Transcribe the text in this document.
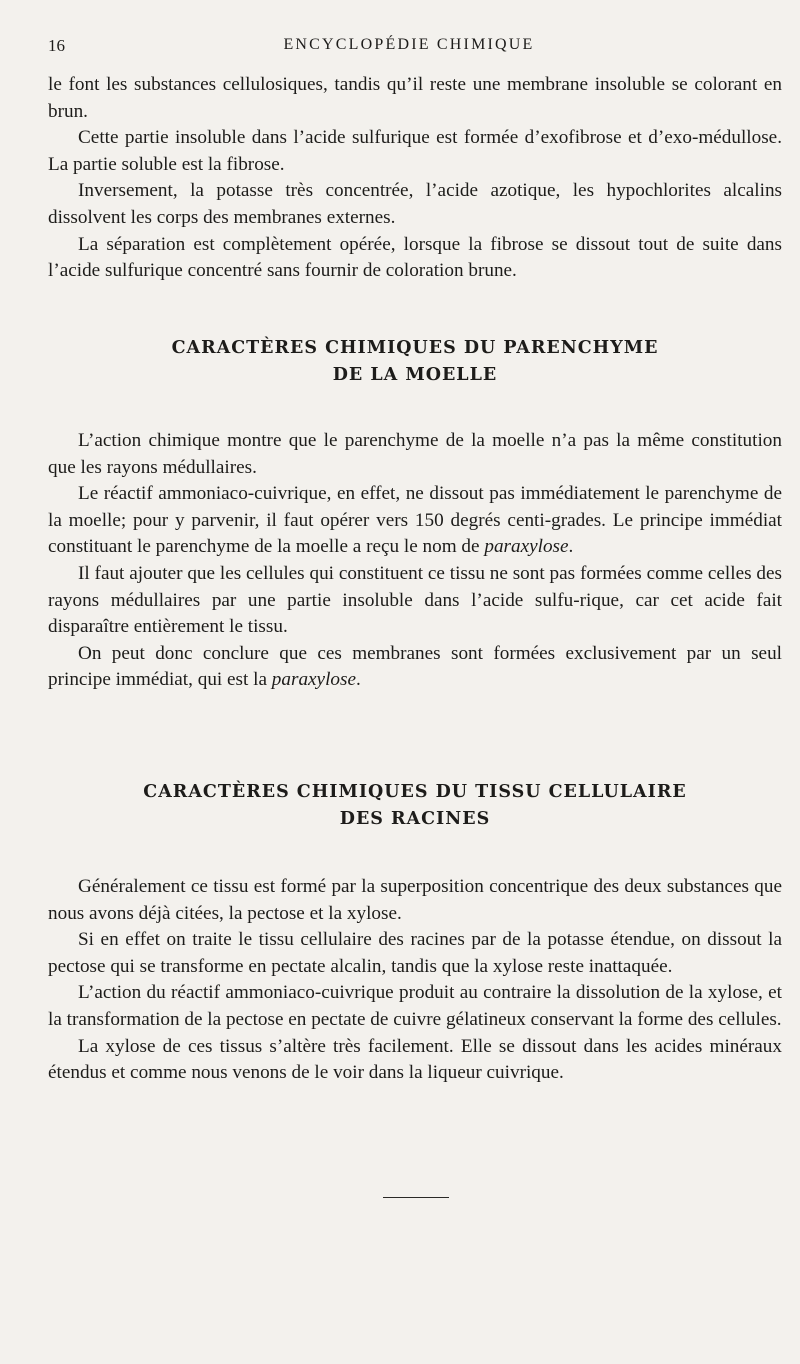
16	ENCYCLOPÉDIE CHIMIQUE

le font les substances cellulosiques, tandis qu’il reste une membrane insoluble se colorant en brun.

Cette partie insoluble dans l’acide sulfurique est formée d’exofibrose et d’exo-médullose. La partie soluble est la fibrose.

Inversement, la potasse très concentrée, l’acide azotique, les hypochlorites alcalins dissolvent les corps des membranes externes.

La séparation est complètement opérée, lorsque la fibrose se dissout tout de suite dans l’acide sulfurique concentré sans fournir de coloration brune.

CARACTÈRES CHIMIQUES DU PARENCHYME
DE LA MOELLE

L’action chimique montre que le parenchyme de la moelle n’a pas la même constitution que les rayons médullaires.

Le réactif ammoniaco-cuivrique, en effet, ne dissout pas immédiatement le parenchyme de la moelle; pour y parvenir, il faut opérer vers 150 degrés centi-grades. Le principe immédiat constituant le parenchyme de la moelle a reçu le nom de paraxylose.

Il faut ajouter que les cellules qui constituent ce tissu ne sont pas formées comme celles des rayons médullaires par une partie insoluble dans l’acide sulfu-rique, car cet acide fait disparaître entièrement le tissu.

On peut donc conclure que ces membranes sont formées exclusivement par un seul principe immédiat, qui est la paraxylose.

CARACTÈRES CHIMIQUES DU TISSU CELLULAIRE
DES RACINES

Généralement ce tissu est formé par la superposition concentrique des deux substances que nous avons déjà citées, la pectose et la xylose.

Si en effet on traite le tissu cellulaire des racines par de la potasse étendue, on dissout la pectose qui se transforme en pectate alcalin, tandis que la xylose reste inattaquée.

L’action du réactif ammoniaco-cuivrique produit au contraire la dissolution de la xylose, et la transformation de la pectose en pectate de cuivre gélatineux conservant la forme des cellules.

La xylose de ces tissus s’altère très facilement. Elle se dissout dans les acides minéraux étendus et comme nous venons de le voir dans la liqueur cuivrique.
